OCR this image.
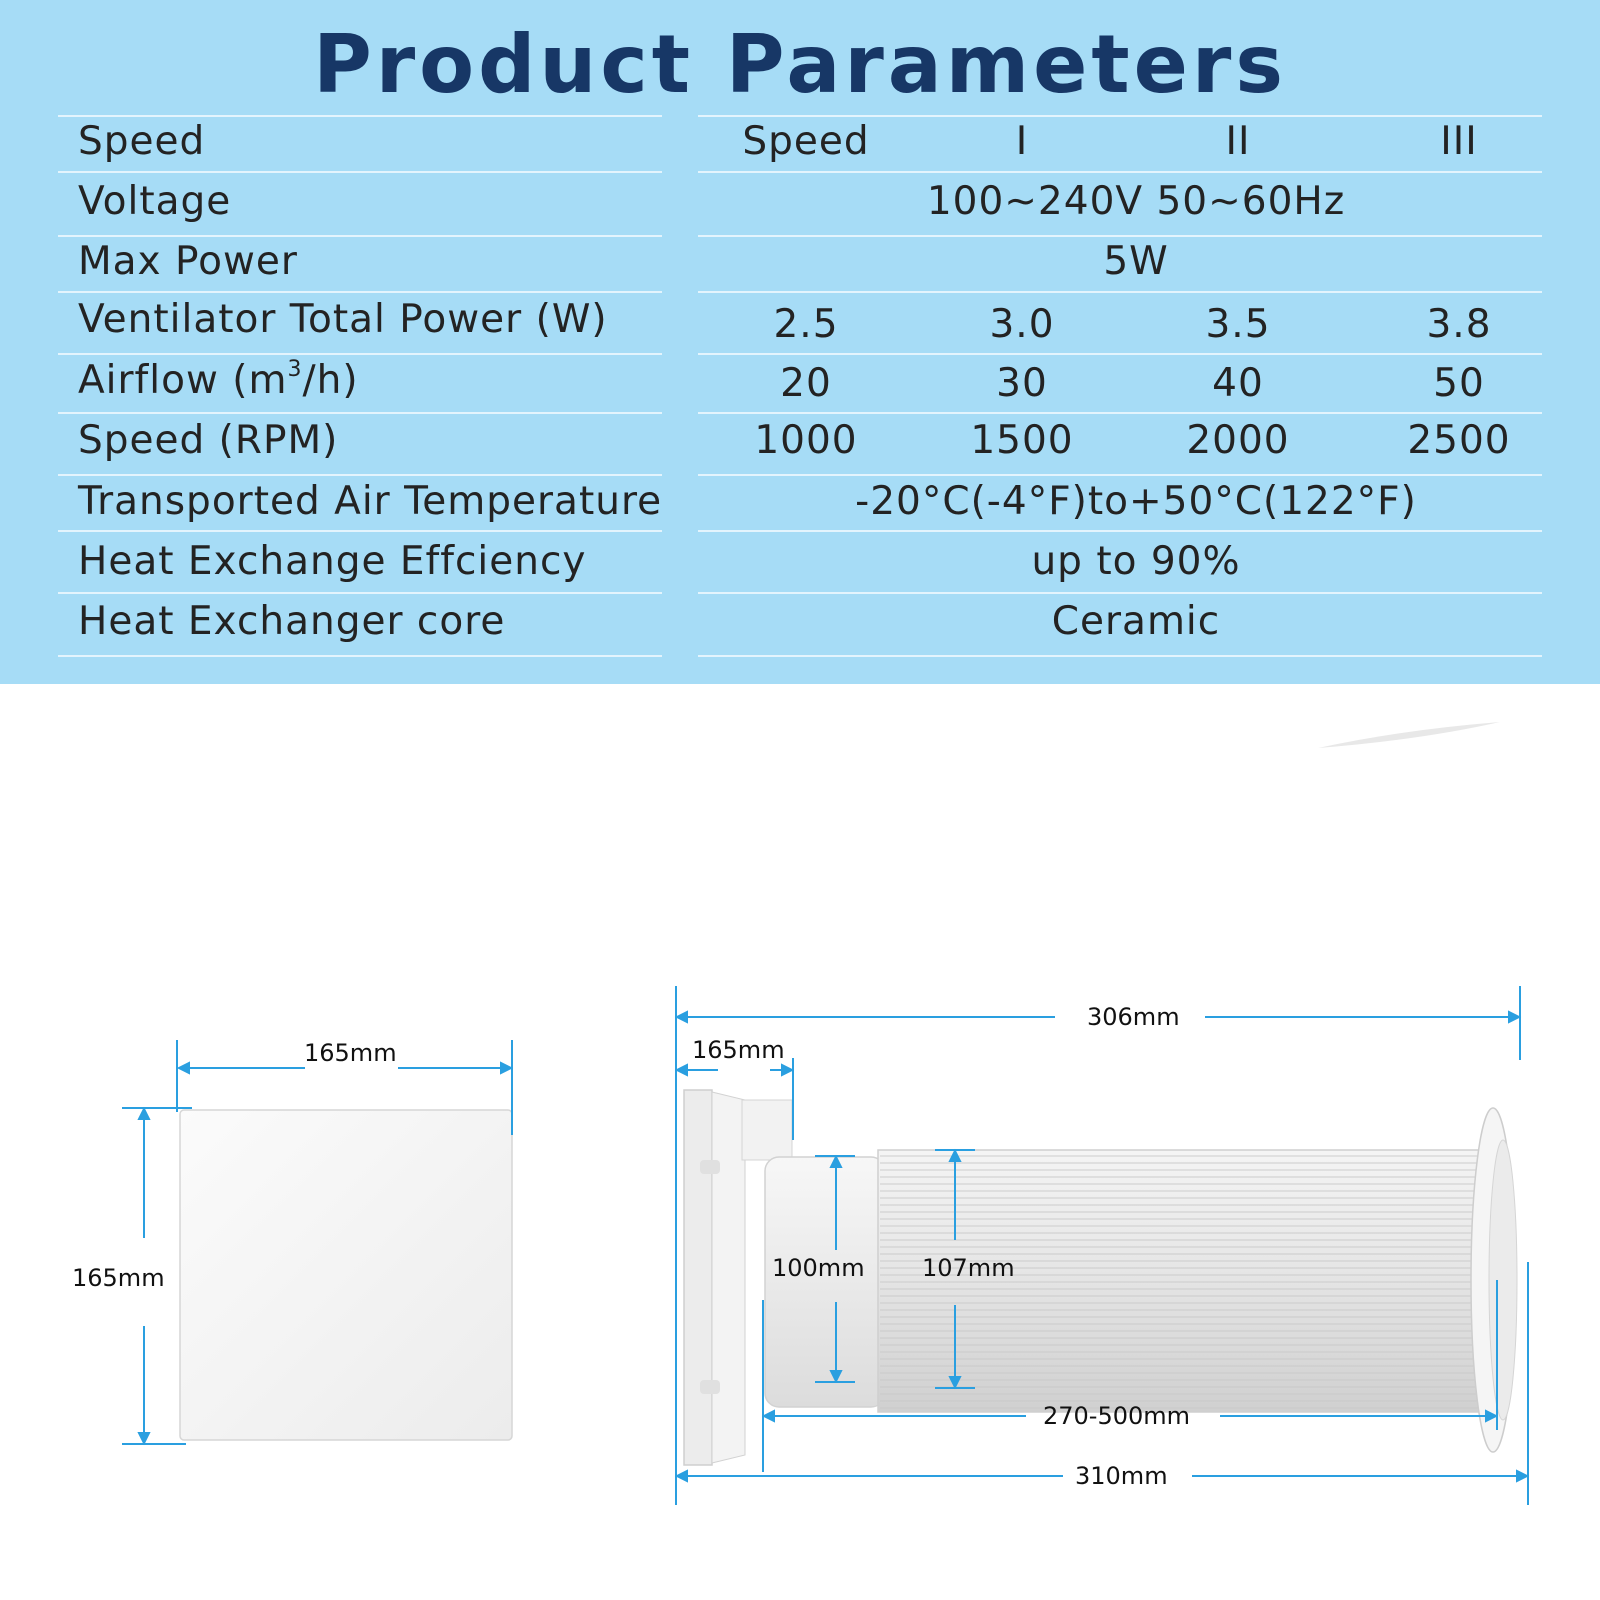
Product Parameters
Speed	Speed	I	II	III
Voltage	100~240V 50~60Hz
Max Power	5W
Ventilator Total Power (W)	2.5	3.0	3.5	3.8
Airflow $(m^3/h)$	20	30	40	50
Speed (RPM)	1000	1500	2000	2500
Transported Air Temperature	-20°C(-4°F)to+50°C(122°F)
Heat Exchange Effciency	up to 90%
Heat Exchanger core	Ceramic
165mm
165mm
306mm
165mm
100mm 107mm
270-500mm
310mm
